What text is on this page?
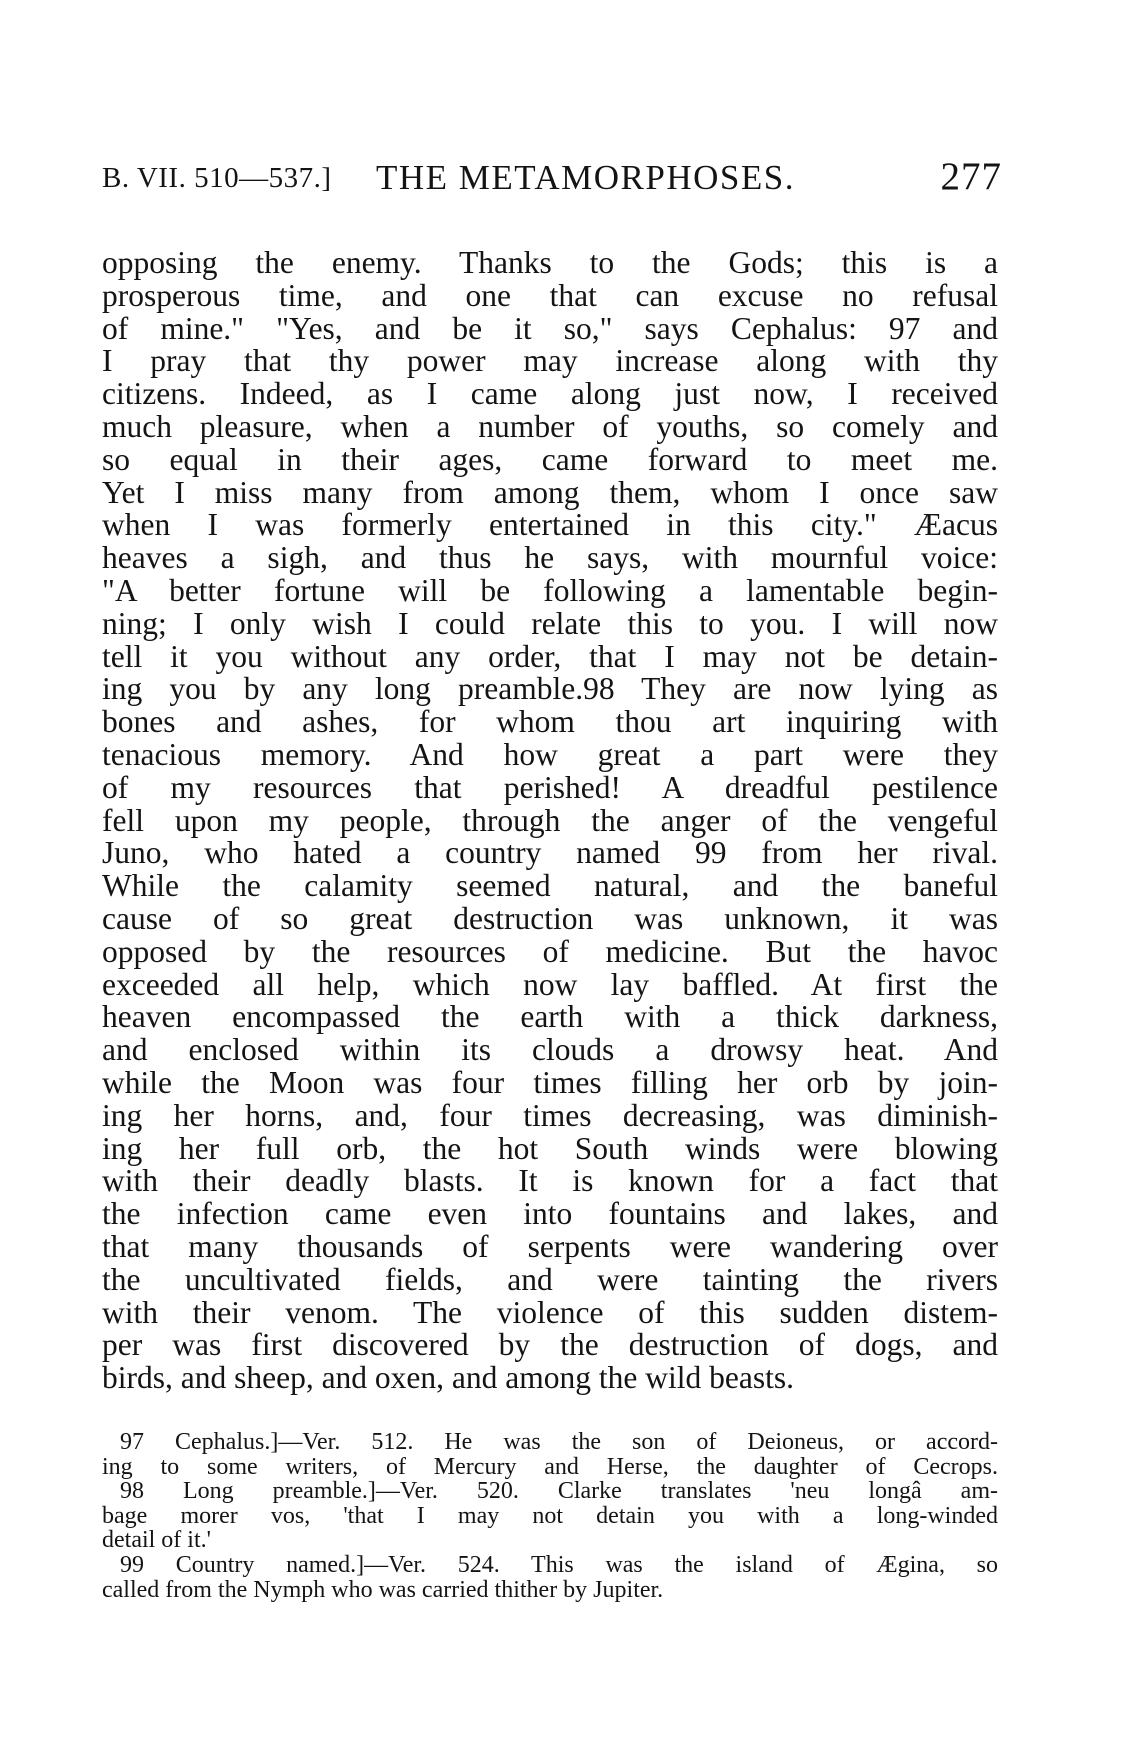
B. VII. 510—537.] THE METAMORPHOSES.	277
opposing the enemy. Thanks to the Gods; this is a
prosperous time, and one that can excuse no refusal
of mine." "Yes, and be it so," says Cephalus: 97 and
I pray that thy power may increase along with thy
citizens. Indeed, as I came along just now, I received
much pleasure, when a number of youths, so comely and
so equal in their ages, came forward to meet me.
Yet I miss many from among them, whom I once saw
when I was formerly entertained in this city." Æacus
heaves a sigh, and thus he says, with mournful voice:
"A better fortune will be following a lamentable begin-
ning; I only wish I could relate this to you. I will now
tell it you without any order, that I may not be detain-
ing you by any long preamble.98 They are now lying as
bones and ashes, for whom thou art inquiring with
tenacious memory. And how great a part were they
of my resources that perished! A dreadful pestilence
fell upon my people, through the anger of the vengeful
Juno, who hated a country named 99 from her rival.
While the calamity seemed natural, and the baneful
cause of so great destruction was unknown, it was
opposed by the resources of medicine. But the havoc
exceeded all help, which now lay baffled. At first the
heaven encompassed the earth with a thick darkness,
and enclosed within its clouds a drowsy heat. And
while the Moon was four times filling her orb by join-
ing her horns, and, four times decreasing, was diminish-
ing her full orb, the hot South winds were blowing
with their deadly blasts. It is known for a fact that
the infection came even into fountains and lakes, and
that many thousands of serpents were wandering over
the uncultivated fields, and were tainting the rivers
with their venom. The violence of this sudden distem-
per was first discovered by the destruction of dogs, and
birds, and sheep, and oxen, and among the wild beasts.
97 Cephalus.]—Ver. 512. He was the son of Deioneus, or accord-
ing to some writers, of Mercury and Herse, the daughter of Cecrops.
98 Long preamble.]—Ver. 520. Clarke translates 'neu longâ am-
bage morer vos, 'that I may not detain you with a long-winded
detail of it.'
99 Country named.]—Ver. 524. This was the island of Ægina, so
called from the Nymph who was carried thither by Jupiter.
